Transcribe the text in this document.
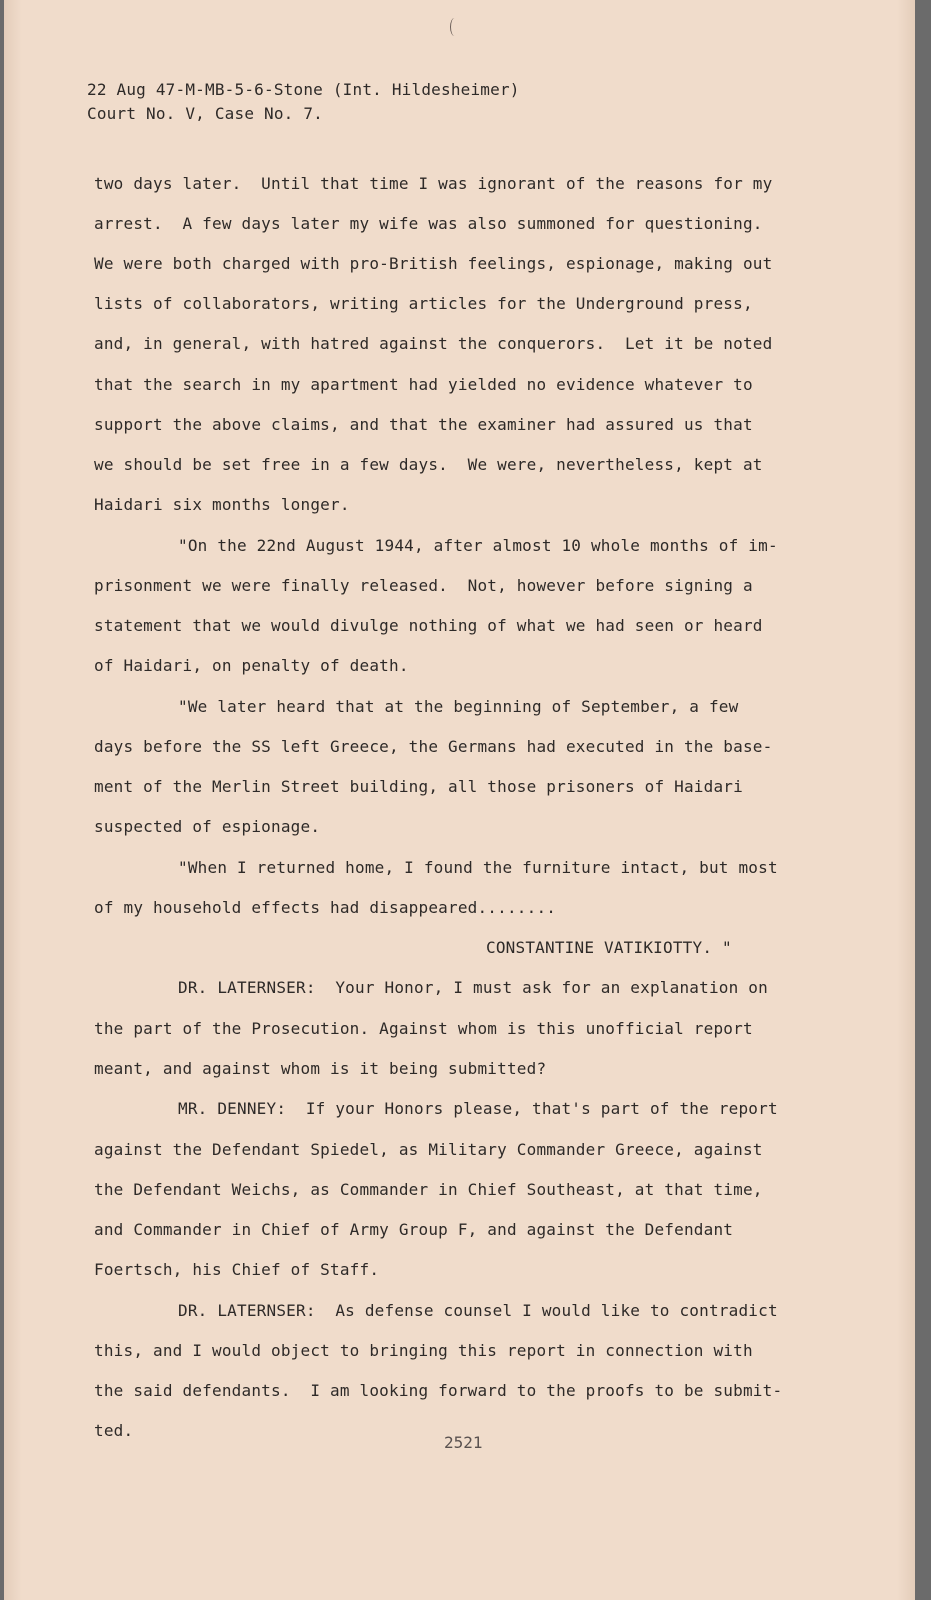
22 Aug 47-M-MB-5-6-Stone (Int. Hildesheimer)
Court No. V, Case No. 7.
two days later.  Until that time I was ignorant of the reasons for my
arrest.  A few days later my wife was also summoned for questioning.
We were both charged with pro-British feelings, espionage, making out
lists of collaborators, writing articles for the Underground press,
and, in general, with hatred against the conquerors.  Let it be noted
that the search in my apartment had yielded no evidence whatever to
support the above claims, and that the examiner had assured us that
we should be set free in a few days.  We were, nevertheless, kept at
Haidari six months longer.
"On the 22nd August 1944, after almost 10 whole months of im-
prisonment we were finally released.  Not, however before signing a
statement that we would divulge nothing of what we had seen or heard
of Haidari, on penalty of death.
"We later heard that at the beginning of September, a few
days before the SS left Greece, the Germans had executed in the base-
ment of the Merlin Street building, all those prisoners of Haidari
suspected of espionage.
"When I returned home, I found the furniture intact, but most
of my household effects had disappeared........
CONSTANTINE VATIKIOTTY. "
DR. LATERNSER:  Your Honor, I must ask for an explanation on
the part of the Prosecution. Against whom is this unofficial report
meant, and against whom is it being submitted?
MR. DENNEY:  If your Honors please, that's part of the report
against the Defendant Spiedel, as Military Commander Greece, against
the Defendant Weichs, as Commander in Chief Southeast, at that time,
and Commander in Chief of Army Group F, and against the Defendant
Foertsch, his Chief of Staff.
DR. LATERNSER:  As defense counsel I would like to contradict
this, and I would object to bringing this report in connection with
the said defendants.  I am looking forward to the proofs to be submit-
ted.
2521
